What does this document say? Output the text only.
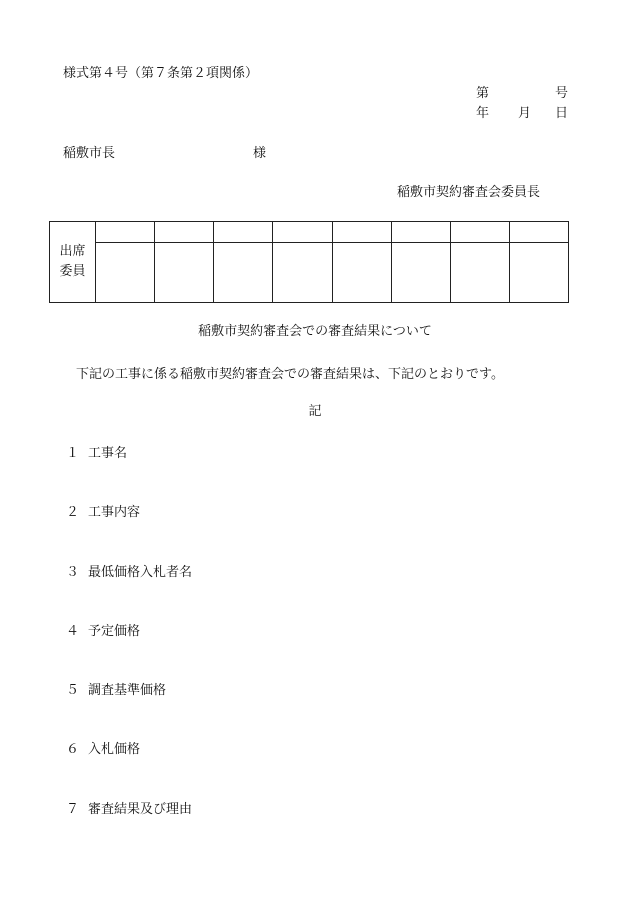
様式第４号（第７条第２項関係）
第	号
年 月 日
稲敷市長	様
稲敷市契約審査会委員長
出席
委員								

稲敷市契約審査会での審査結果について
下記の工事に係る稲敷市契約審査会での審査結果は、下記のとおりです。
記
１ 工事名
２ 工事内容
３ 最低価格入札者名
４ 予定価格
５ 調査基準価格
６ 入札価格
７ 審査結果及び理由
